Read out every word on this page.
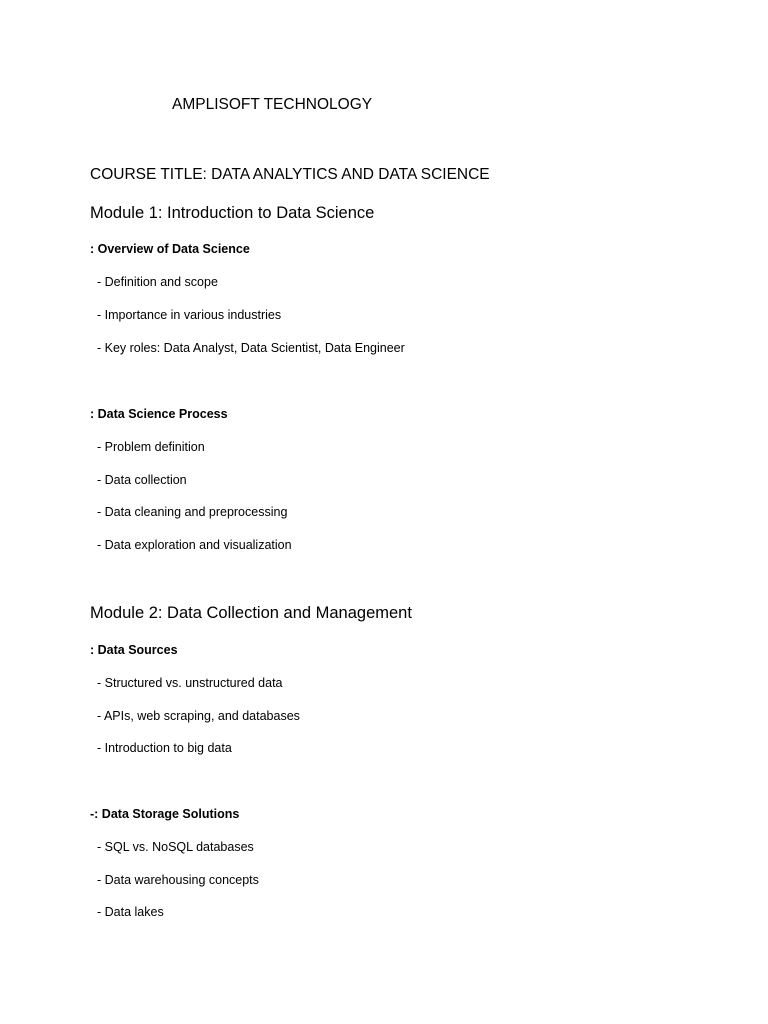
AMPLISOFT TECHNOLOGY
COURSE TITLE: DATA ANALYTICS AND DATA SCIENCE
Module 1: Introduction to Data Science
: Overview of Data Science
- Definition and scope
- Importance in various industries
- Key roles: Data Analyst, Data Scientist, Data Engineer
: Data Science Process
- Problem definition
- Data collection
- Data cleaning and preprocessing
- Data exploration and visualization
Module 2: Data Collection and Management
: Data Sources
- Structured vs. unstructured data
- APIs, web scraping, and databases
- Introduction to big data
-: Data Storage Solutions
- SQL vs. NoSQL databases
- Data warehousing concepts
- Data lakes
